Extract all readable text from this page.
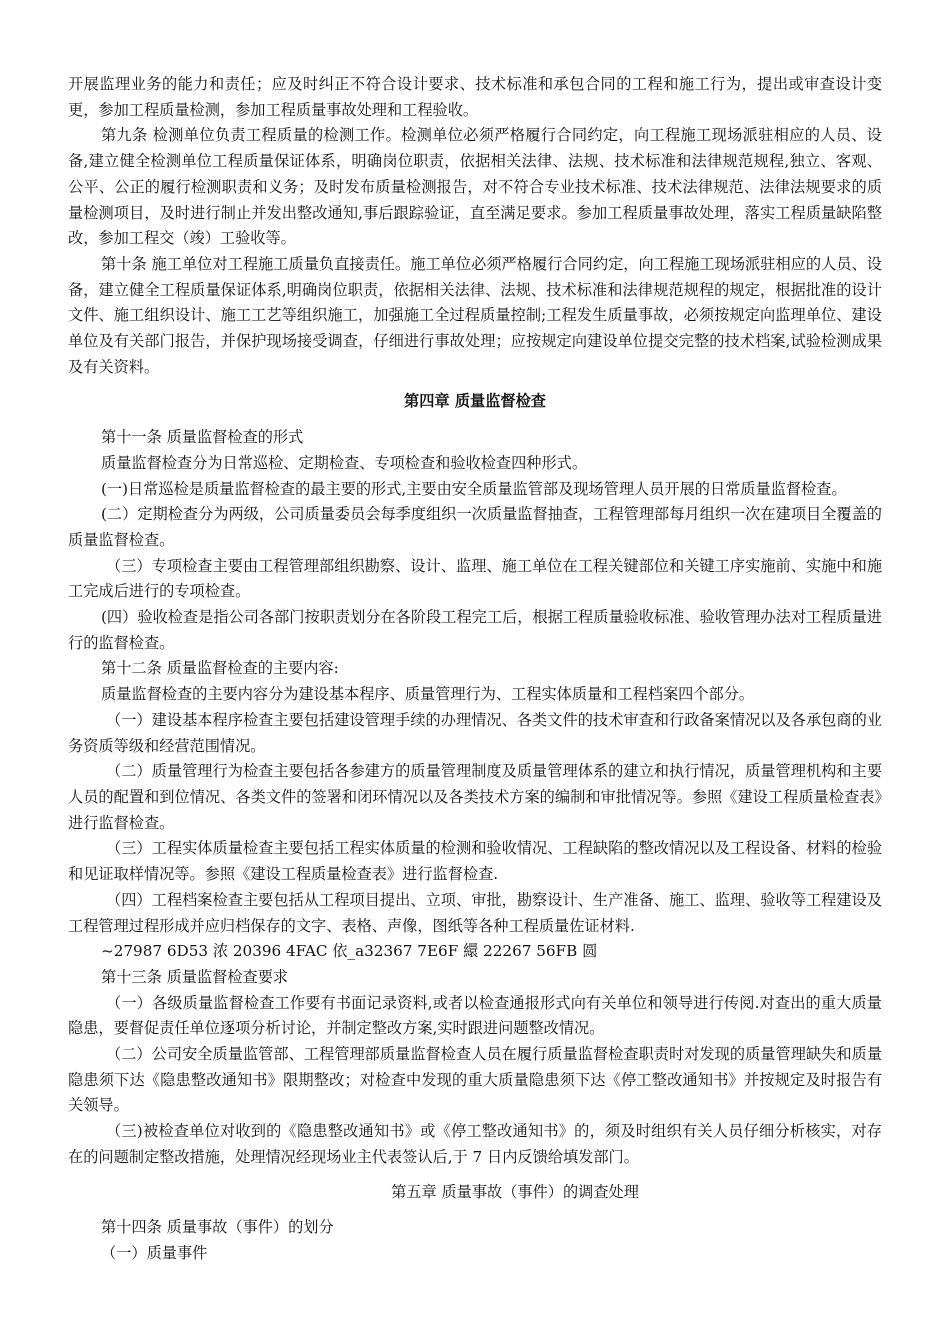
开展监理业务的能力和责任；应及时纠正不符合设计要求、技术标准和承包合同的工程和施工行为，提出或审查设计变更，参加工程质量检测，参加工程质量事故处理和工程验收。

第九条 检测单位负责工程质量的检测工作。检测单位必须严格履行合同约定，向工程施工现场派驻相应的人员、设备,建立健全检测单位工程质量保证体系，明确岗位职责，依据相关法律、法规、技术标准和法律规范规程,独立、客观、公平、公正的履行检测职责和义务；及时发布质量检测报告，对不符合专业技术标准、技术法律规范、法律法规要求的质量检测项目，及时进行制止并发出整改通知,事后跟踪验证，直至满足要求。参加工程质量事故处理，落实工程质量缺陷整改，参加工程交（竣）工验收等。

第十条 施工单位对工程施工质量负直接责任。施工单位必须严格履行合同约定，向工程施工现场派驻相应的人员、设备，建立健全工程质量保证体系,明确岗位职责，依据相关法律、法规、技术标准和法律规范规程的规定，根据批准的设计文件、施工组织设计、施工工艺等组织施工，加强施工全过程质量控制;工程发生质量事故，必须按规定向监理单位、建设单位及有关部门报告，并保护现场接受调查，仔细进行事故处理；应按规定向建设单位提交完整的技术档案,试验检测成果及有关资料。

第四章 质量监督检查

第十一条 质量监督检查的形式

质量监督检查分为日常巡检、定期检查、专项检查和验收检查四种形式。

(一)日常巡检是质量监督检查的最主要的形式,主要由安全质量监管部及现场管理人员开展的日常质量监督检查。

(二）定期检查分为两级，公司质量委员会每季度组织一次质量监督抽查，工程管理部每月组织一次在建项目全覆盖的质量监督检查。

（三）专项检查主要由工程管理部组织勘察、设计、监理、施工单位在工程关键部位和关键工序实施前、实施中和施工完成后进行的专项检查。

(四）验收检查是指公司各部门按职责划分在各阶段工程完工后，根据工程质量验收标准、验收管理办法对工程质量进行的监督检查。

第十二条 质量监督检查的主要内容:

质量监督检查的主要内容分为建设基本程序、质量管理行为、工程实体质量和工程档案四个部分。

（一）建设基本程序检查主要包括建设管理手续的办理情况、各类文件的技术审查和行政备案情况以及各承包商的业务资质等级和经营范围情况。

（二）质量管理行为检查主要包括各参建方的质量管理制度及质量管理体系的建立和执行情况，质量管理机构和主要人员的配置和到位情况、各类文件的签署和闭环情况以及各类技术方案的编制和审批情况等。参照《建设工程质量检查表》进行监督检查。

（三）工程实体质量检查主要包括工程实体质量的检测和验收情况、工程缺陷的整改情况以及工程设备、材料的检验和见证取样情况等。参照《建设工程质量检查表》进行监督检查.

（四）工程档案检查主要包括从工程项目提出、立项、审批，勘察设计、生产准备、施工、监理、验收等工程建设及工程管理过程形成并应归档保存的文字、表格、声像，图纸等各种工程质量佐证材料.

~27987 6D53 浓 20396 4FAC 依_a32367 7E6F 繯 22267 56FB 圆

第十三条 质量监督检查要求

（一）各级质量监督检查工作要有书面记录资料,或者以检查通报形式向有关单位和领导进行传阅.对查出的重大质量隐患，要督促责任单位逐项分析讨论，并制定整改方案,实时跟进问题整改情况。

（二）公司安全质量监管部、工程管理部质量监督检查人员在履行质量监督检查职责时对发现的质量管理缺失和质量隐患须下达《隐患整改通知书》限期整改；对检查中发现的重大质量隐患须下达《停工整改通知书》并按规定及时报告有关领导。

（三)被检查单位对收到的《隐患整改通知书》或《停工整改通知书》的，须及时组织有关人员仔细分析核实，对存在的问题制定整改措施，处理情况经现场业主代表签认后,于 7 日内反馈给填发部门。

第五章 质量事故（事件）的调查处理

第十四条 质量事故（事件）的划分

（一）质量事件
